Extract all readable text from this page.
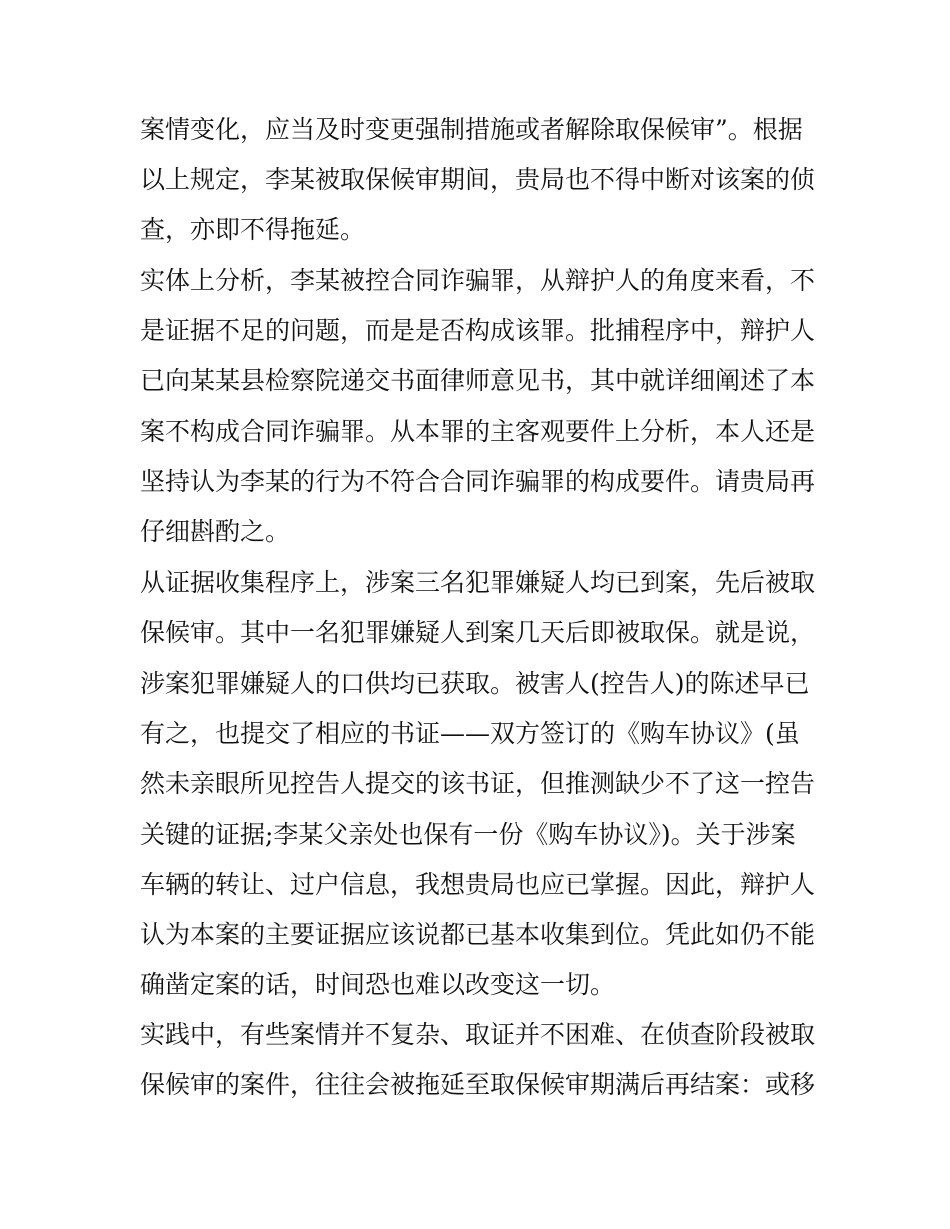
案情变化，应当及时变更强制措施或者解除取保候审”。根据
以上规定，李某被取保候审期间，贵局也不得中断对该案的侦
查，亦即不得拖延。
实体上分析，李某被控合同诈骗罪，从辩护人的角度来看，不
是证据不足的问题，而是是否构成该罪。批捕程序中，辩护人
已向某某县检察院递交书面律师意见书，其中就详细阐述了本
案不构成合同诈骗罪。从本罪的主客观要件上分析，本人还是
坚持认为李某的行为不符合合同诈骗罪的构成要件。请贵局再
仔细斟酌之。
从证据收集程序上，涉案三名犯罪嫌疑人均已到案，先后被取
保候审。其中一名犯罪嫌疑人到案几天后即被取保。就是说，
涉案犯罪嫌疑人的口供均已获取。被害人(控告人)的陈述早已
有之，也提交了相应的书证——双方签订的《购车协议》(虽
然未亲眼所见控告人提交的该书证，但推测缺少不了这一控告
关键的证据;李某父亲处也保有一份《购车协议》)。关于涉案
车辆的转让、过户信息，我想贵局也应已掌握。因此，辩护人
认为本案的主要证据应该说都已基本收集到位。凭此如仍不能
确凿定案的话，时间恐也难以改变这一切。
实践中，有些案情并不复杂、取证并不困难、在侦查阶段被取
保候审的案件，往往会被拖延至取保候审期满后再结案：或移
